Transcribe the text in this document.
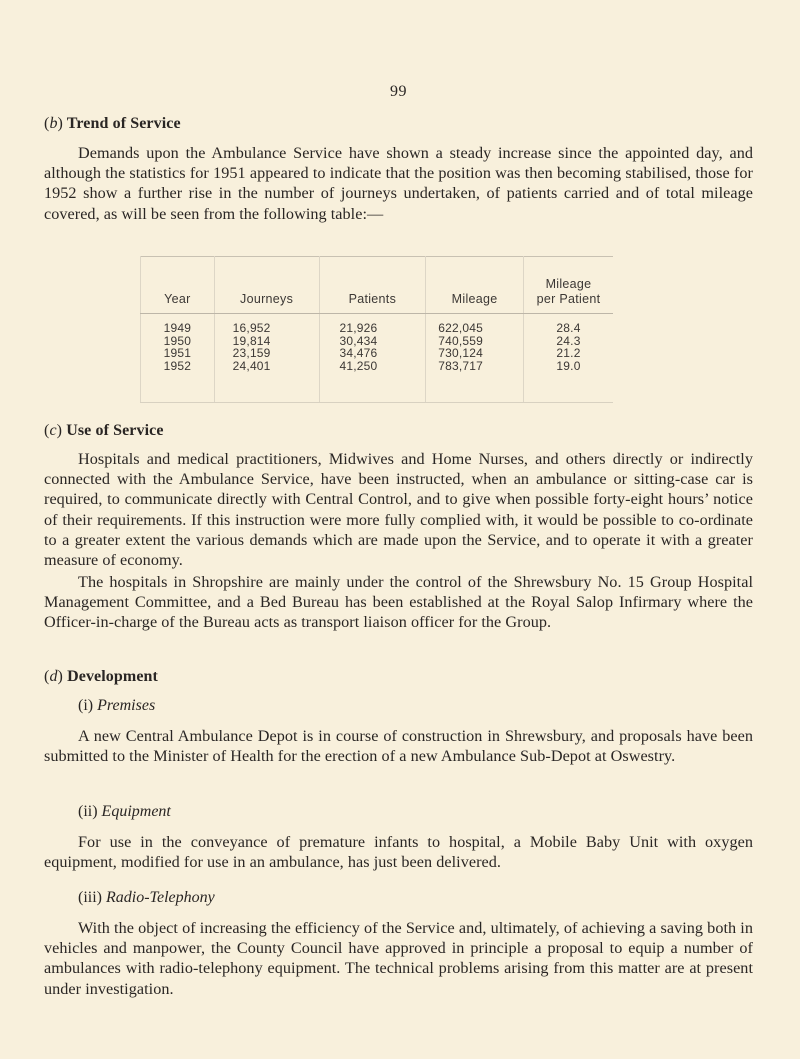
99
(b) Trend of Service

Demands upon the Ambulance Service have shown a steady increase since the appointed day, and although the statistics for 1951 appeared to indicate that the position was then becoming stabilised, those for 1952 show a further rise in the number of journeys undertaken, of patients carried and of total mileage covered, as will be seen from the following table:—

Year	Journeys	Patients	Mileage	Mileage
per Patient
1949	16,952	21,926	622,045	28.4
1950	19,814	30,434	740,559	24.3
1951	23,159	34,476	730,124	21.2
1952	24,401	41,250	783,717	19.0
(c) Use of Service

Hospitals and medical practitioners, Midwives and Home Nurses, and others directly or indirectly connected with the Ambulance Service, have been instructed, when an ambulance or sitting-case car is required, to communicate directly with Central Control, and to give when possible forty-eight hours’ notice of their requirements. If this instruction were more fully complied with, it would be possible to co-ordinate to a greater extent the various demands which are made upon the Service, and to operate it with a greater measure of economy.

The hospitals in Shropshire are mainly under the control of the Shrewsbury No. 15 Group Hospital Management Committee, and a Bed Bureau has been established at the Royal Salop Infirmary where the Officer-in-charge of the Bureau acts as transport liaison officer for the Group.

(d) Development
(i) Premises

A new Central Ambulance Depot is in course of construction in Shrewsbury, and proposals have been submitted to the Minister of Health for the erection of a new Ambulance Sub-Depot at Oswestry.

(ii) Equipment

For use in the conveyance of premature infants to hospital, a Mobile Baby Unit with oxygen equipment, modified for use in an ambulance, has just been delivered.

(iii) Radio-Telephony

With the object of increasing the efficiency of the Service and, ultimately, of achieving a saving both in vehicles and manpower, the County Council have approved in principle a proposal to equip a number of ambulances with radio-telephony equipment. The technical problems arising from this matter are at present under investigation.
